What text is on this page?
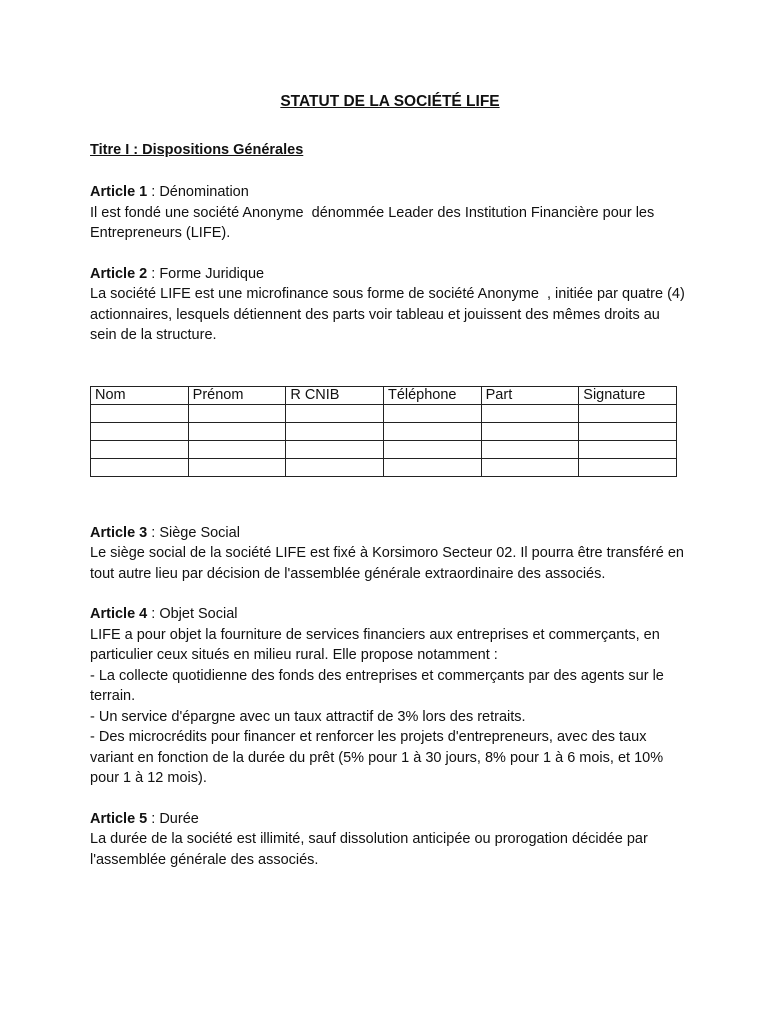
STATUT DE LA SOCIÉTÉ LIFE
Titre I : Dispositions Générales

Article 1 : Dénomination

Il est fondé une société Anonyme  dénommée Leader des Institution Financière pour les Entrepreneurs (LIFE).

Article 2 : Forme Juridique

La société LIFE est une microfinance sous forme de société Anonyme  , initiée par quatre (4) actionnaires, lesquels détiennent des parts voir tableau et jouissent des mêmes droits au sein de la structure.

Nom	Prénom	R CNIB	Téléphone	Part	Signature

Article 3 : Siège Social

Le siège social de la société LIFE est fixé à Korsimoro Secteur 02. Il pourra être transféré en tout autre lieu par décision de l'assemblée générale extraordinaire des associés.

Article 4 : Objet Social

LIFE a pour objet la fourniture de services financiers aux entreprises et commerçants, en particulier ceux situés en milieu rural. Elle propose notamment :

- La collecte quotidienne des fonds des entreprises et commerçants par des agents sur le terrain.

- Un service d'épargne avec un taux attractif de 3% lors des retraits.

- Des microcrédits pour financer et renforcer les projets d'entrepreneurs, avec des taux variant en fonction de la durée du prêt (5% pour 1 à 30 jours, 8% pour 1 à 6 mois, et 10% pour 1 à 12 mois).

Article 5 : Durée

La durée de la société est illimité, sauf dissolution anticipée ou prorogation décidée par l'assemblée générale des associés.
